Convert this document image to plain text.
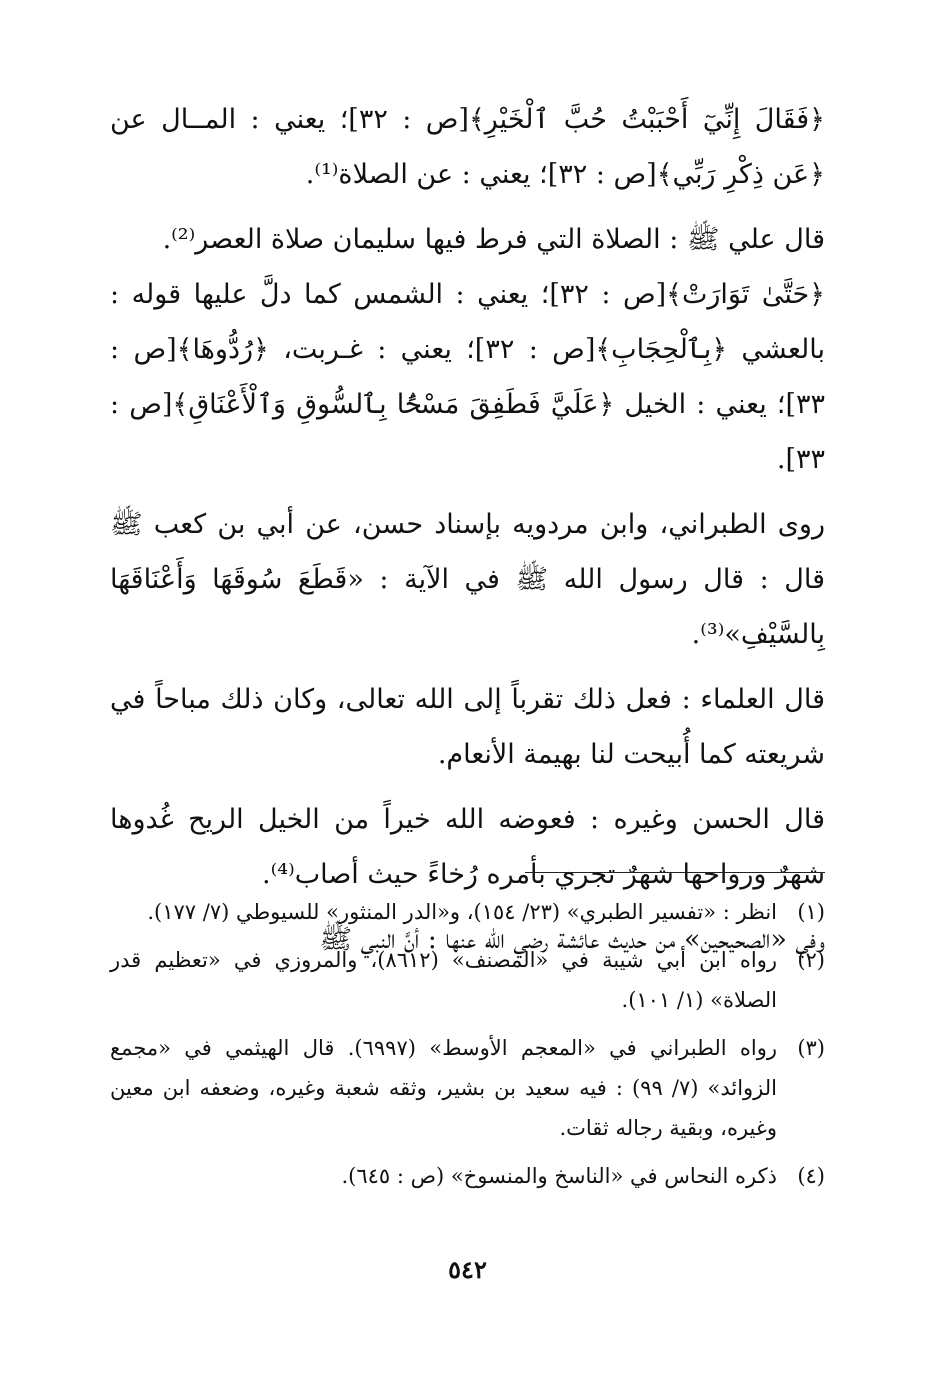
﴿فَقَالَ إِنِّيٓ أَحْبَبْتُ حُبَّ ٱلْخَيْرِ﴾[ص : ٣٢]؛ يعني : المــال عن ﴿عَن ذِكْرِ رَبِّي﴾[ص : ٣٢]؛ يعني : عن الصلاة⁽¹⁾.

قال علي ﷺ : الصلاة التي فرط فيها سليمان صلاة العصر⁽²⁾.

﴿حَتَّىٰ تَوَارَتْ﴾[ص : ٣٢]؛ يعني : الشمس كما دلَّ عليها قوله : بالعشي ﴿بِٱلْحِجَابِ﴾[ص : ٣٢]؛ يعني : غـربت، ﴿رُدُّوهَا﴾[ص : ٣٣]؛ يعني : الخيل ﴿عَلَيَّ فَطَفِقَ مَسْحًۢا بِٱلسُّوقِ وَٱلْأَعْنَاقِ﴾[ص : ٣٣].

روى الطبراني، وابن مردويه بإسناد حسن، عن أبي بن كعب ﷺ قال : قال رسول الله ﷺ في الآية : «قَطَعَ سُوقَهَا وَأَعْنَاقَهَا بِالسَّيْفِ»⁽³⁾.

قال العلماء : فعل ذلك تقرباً إلى الله تعالى، وكان ذلك مباحاً في شريعته كما أُبيحت لنا بهيمة الأنعام.

قال الحسن وغيره : فعوضه الله خيراً من الخيل الريح غُدوها شهرٌ ورواحها شهرٌ تجري بأمره رُخاءً حيث أصاب⁽⁴⁾.

وفي «الصحيحين» من حديث عائشة رضي الله عنها : أنَّ النبي ﷺ

(١)
انظر : «تفسير الطبري» (٢٣/ ١٥٤)، و«الدر المنثور» للسيوطي (٧/ ١٧٧).
(٢)
رواه ابن أبي شيبة في «المصنف» (٨٦١٢)، والمروزي في «تعظيم قدر الصلاة» (١/ ١٠١).
(٣)
رواه الطبراني في «المعجم الأوسط» (٦٩٩٧). قال الهيثمي في «مجمع الزوائد» (٧/ ٩٩) : فيه سعيد بن بشير، وثقه شعبة وغيره، وضعفه ابن معين وغيره، وبقية رجاله ثقات.
(٤)
ذكره النحاس في «الناسخ والمنسوخ» (ص : ٦٤٥).
٥٤٢
